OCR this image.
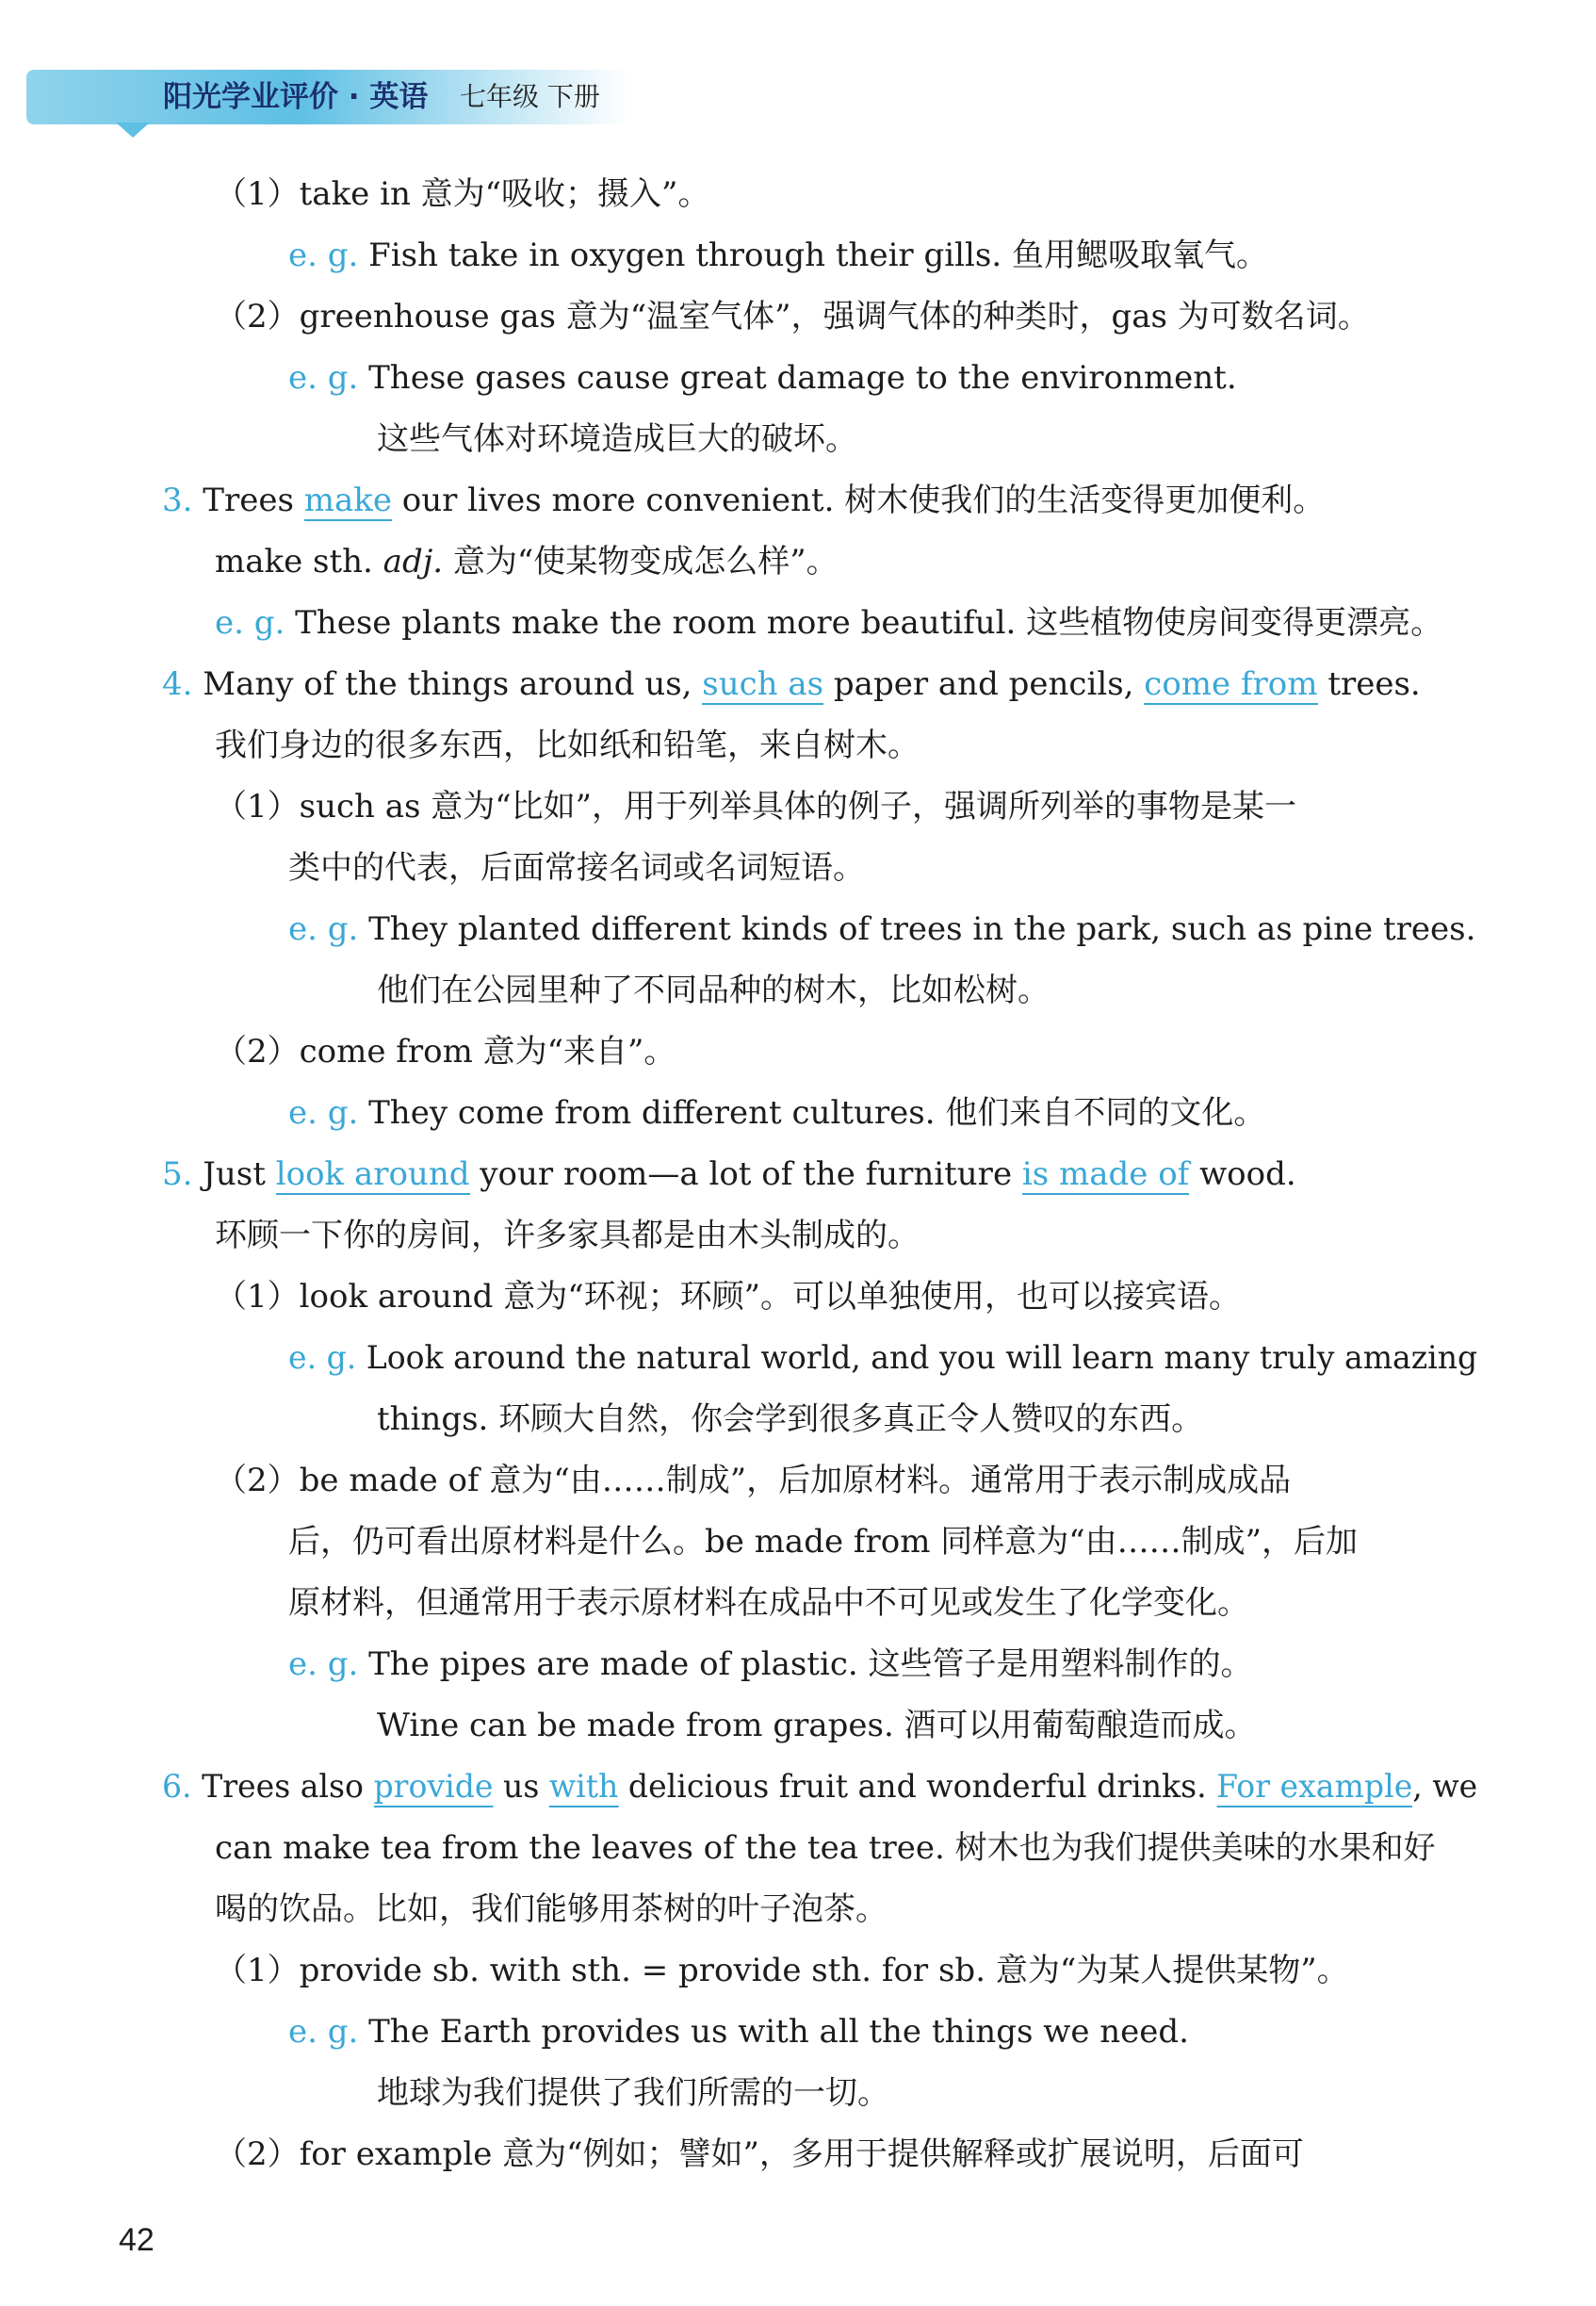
阳光学业评价 · 英语 七年级 下册
（1）take in 意为“吸收；摄入”。
e. g. Fish take in oxygen through their gills. 鱼用鳃吸取氧气。
（2）greenhouse gas 意为“温室气体”，强调气体的种类时，gas 为可数名词。
e. g. These gases cause great damage to the environment.
这些气体对环境造成巨大的破坏。
3. Trees make our lives more convenient. 树木使我们的生活变得更加便利。
make sth. adj. 意为“使某物变成怎么样”。
e. g. These plants make the room more beautiful. 这些植物使房间变得更漂亮。
4. Many of the things around us, such as paper and pencils, come from trees.
我们身边的很多东西，比如纸和铅笔，来自树木。
（1）such as 意为“比如”，用于列举具体的例子，强调所列举的事物是某一
类中的代表，后面常接名词或名词短语。
e. g. They planted different kinds of trees in the park, such as pine trees.
他们在公园里种了不同品种的树木，比如松树。
（2）come from 意为“来自”。
e. g. They come from different cultures. 他们来自不同的文化。
5. Just look around your room—a lot of the furniture is made of wood.
环顾一下你的房间，许多家具都是由木头制成的。
（1）look around 意为“环视；环顾”。可以单独使用，也可以接宾语。
e. g. Look around the natural world, and you will learn many truly amazing
things. 环顾大自然，你会学到很多真正令人赞叹的东西。
（2）be made of 意为“由……制成”，后加原材料。通常用于表示制成成品
后，仍可看出原材料是什么。be made from 同样意为“由……制成”，后加
原材料，但通常用于表示原材料在成品中不可见或发生了化学变化。
e. g. The pipes are made of plastic. 这些管子是用塑料制作的。
Wine can be made from grapes. 酒可以用葡萄酿造而成。
6. Trees also provide us with delicious fruit and wonderful drinks. For example, we
can make tea from the leaves of the tea tree. 树木也为我们提供美味的水果和好
喝的饮品。比如，我们能够用茶树的叶子泡茶。
（1）provide sb. with sth. = provide sth. for sb. 意为“为某人提供某物”。
e. g. The Earth provides us with all the things we need.
地球为我们提供了我们所需的一切。
（2）for example 意为“例如；譬如”，多用于提供解释或扩展说明，后面可
42
